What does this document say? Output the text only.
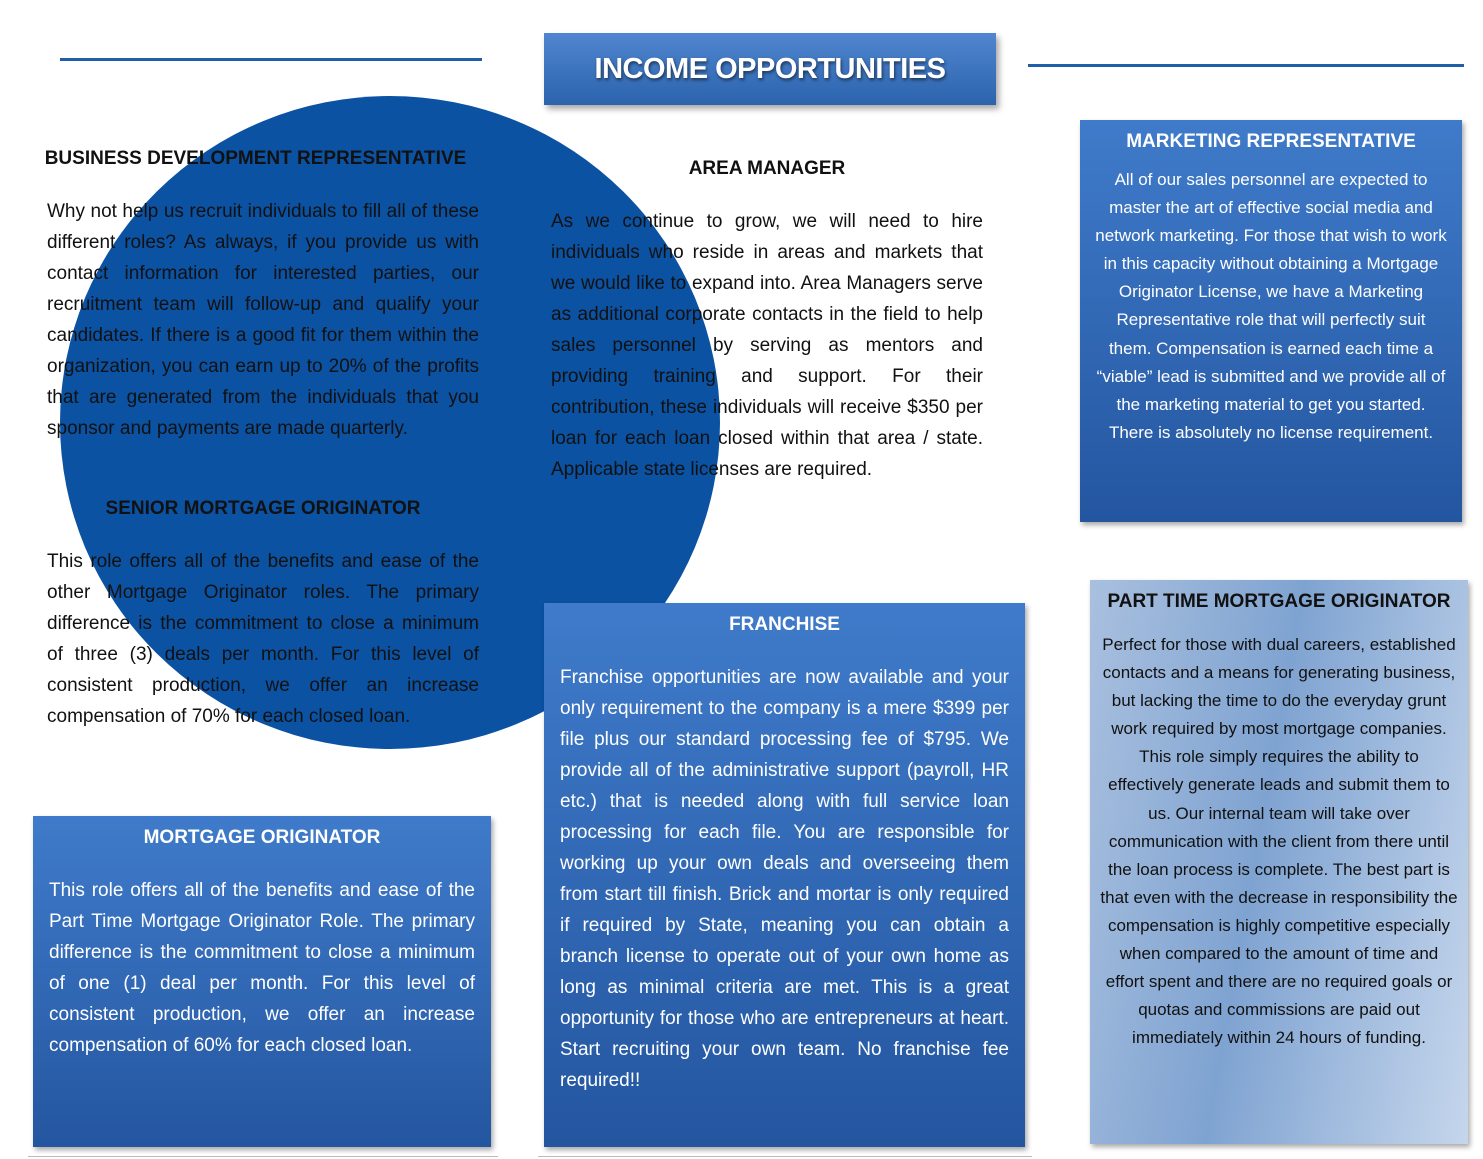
INCOME OPPORTUNITIES
BUSINESS DEVELOPMENT REPRESENTATIVE

Why not help us recruit individuals to fill all of these different roles? As always, if you provide us with contact information for interested parties, our recruitment team will follow-up and qualify your candidates. If there is a good fit for them within the organization, you can earn up to 20% of the profits that are generated from the individuals that you sponsor and payments are made quarterly.

SENIOR MORTGAGE ORIGINATOR

This role offers all of the benefits and ease of the other Mortgage Originator roles. The primary difference is the commitment to close a minimum of three (3) deals per month. For this level of consistent production, we offer an increase compensation of 70% for each closed loan.

AREA MANAGER

As we continue to grow, we will need to hire individuals who reside in areas and markets that we would like to expand into. Area Managers serve as additional corporate contacts in the field to help sales personnel by serving as mentors and providing training and support. For their contribution, these individuals will receive $350 per loan for each loan closed within that area / state. Applicable state licenses are required.

MARKETING REPRESENTATIVE

All of our sales personnel are expected to master the art of effective social media and network marketing. For those that wish to work in this capacity without obtaining a Mortgage Originator License, we have a Marketing Representative role that will perfectly suit them. Compensation is earned each time a “viable” lead is submitted and we provide all of the marketing material to get you started. There is absolutely no license requirement.

FRANCHISE

Franchise opportunities are now available and your only requirement to the company is a mere $399 per file plus our standard processing fee of $795. We provide all of the administrative support (payroll, HR etc.) that is needed along with full service loan processing for each file. You are responsible for working up your own deals and overseeing them from start till finish. Brick and mortar is only required if required by State, meaning you can obtain a branch license to operate out of your own home as long as minimal criteria are met. This is a great opportunity for those who are entrepreneurs at heart. Start recruiting your own team. No franchise fee required!!

MORTGAGE ORIGINATOR

This role offers all of the benefits and ease of the Part Time Mortgage Originator Role. The primary difference is the commitment to close a minimum of one (1) deal per month. For this level of consistent production, we offer an increase compensation of 60% for each closed loan.

PART TIME MORTGAGE ORIGINATOR

Perfect for those with dual careers, established contacts and a means for generating business, but lacking the time to do the everyday grunt work required by most mortgage companies. This role simply requires the ability to effectively generate leads and submit them to us. Our internal team will take over communication with the client from there until the loan process is complete. The best part is that even with the decrease in responsibility the compensation is highly competitive especially when compared to the amount of time and effort spent and there are no required goals or quotas and commissions are paid out immediately within 24 hours of funding.
